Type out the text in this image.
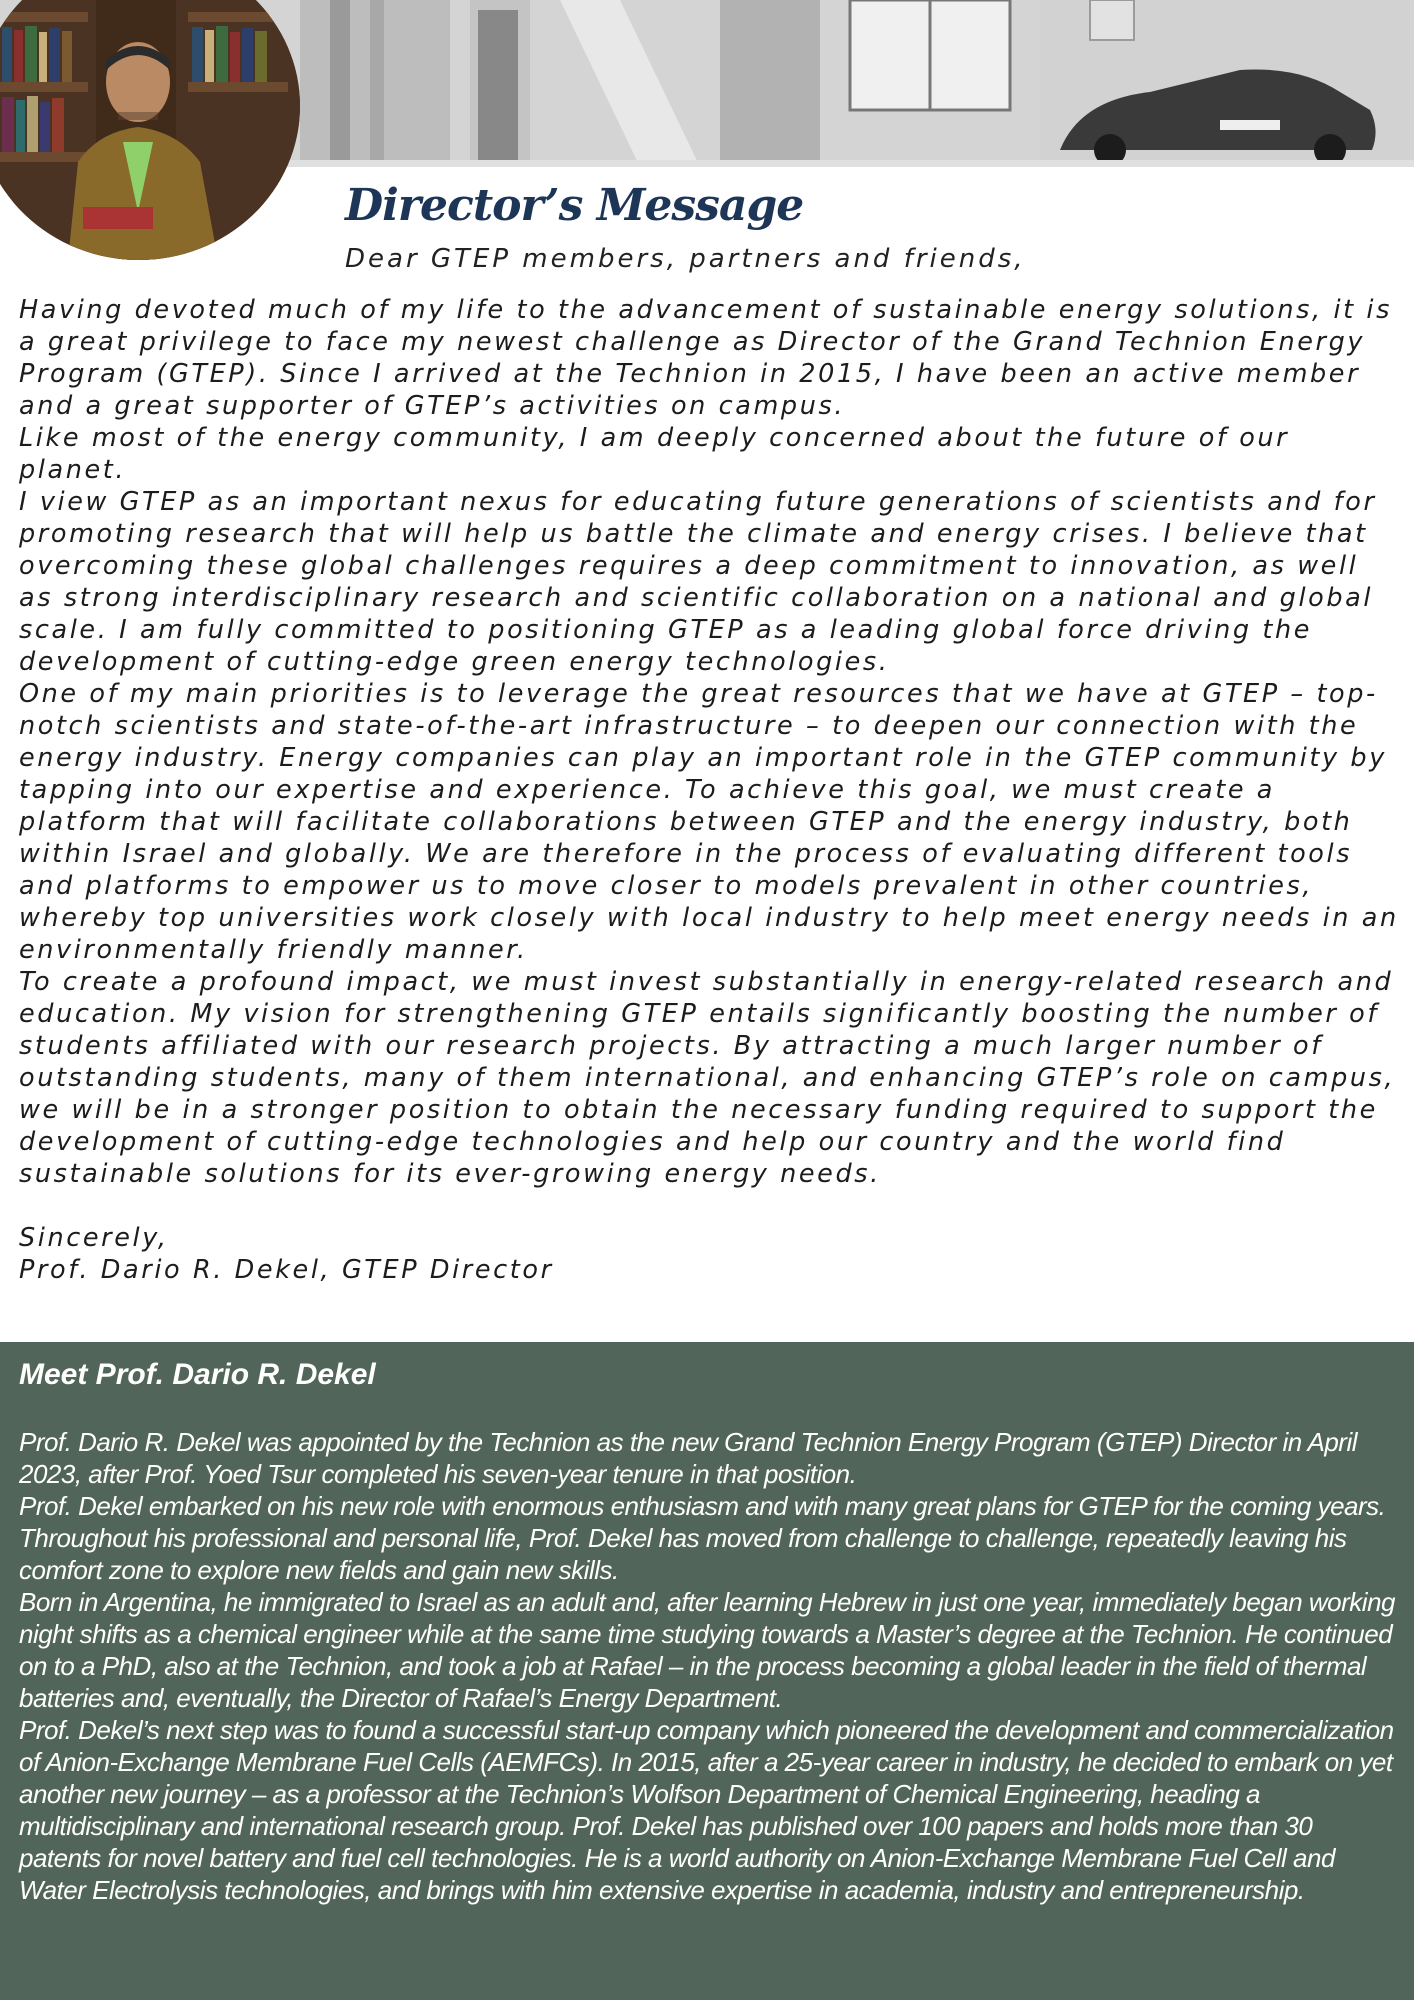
Director’s Message

Dear GTEP members, partners and friends,

Having devoted much of my life to the advancement of sustainable energy solutions, it is a great privilege to face my newest challenge as Director of the Grand Technion Energy Program (GTEP). Since I arrived at the Technion in 2015, I have been an active member and a great supporter of GTEP’s activities on campus.

Like most of the energy community, I am deeply concerned about the future of our planet.

I view GTEP as an important nexus for educating future generations of scientists and for promoting research that will help us battle the climate and energy crises. I believe that overcoming these global challenges requires a deep commitment to innovation, as well as strong interdisciplinary research and scientific collaboration on a national and global scale. I am fully committed to positioning GTEP as a leading global force driving the development of cutting-edge green energy technologies.

One of my main priorities is to leverage the great resources that we have at GTEP – top-notch scientists and state-of-the-art infrastructure – to deepen our connection with the energy industry. Energy companies can play an important role in the GTEP community by tapping into our expertise and experience. To achieve this goal, we must create a platform that will facilitate collaborations between GTEP and the energy industry, both within Israel and globally. We are therefore in the process of evaluating different tools and platforms to empower us to move closer to models prevalent in other countries, whereby top universities work closely with local industry to help meet energy needs in an environmentally friendly manner.

To create a profound impact, we must invest substantially in energy-related research and education. My vision for strengthening GTEP entails significantly boosting the number of students affiliated with our research projects. By attracting a much larger number of outstanding students, many of them international, and enhancing GTEP’s role on campus, we will be in a stronger position to obtain the necessary funding required to support the development of cutting-edge technologies and help our country and the world find sustainable solutions for its ever-growing energy needs.

Sincerely,

Prof. Dario R. Dekel, GTEP Director

Meet Prof. Dario R. Dekel

Prof. Dario R. Dekel was appointed by the Technion as the new Grand Technion Energy Program (GTEP) Director in April 2023, after Prof. Yoed Tsur completed his seven-year tenure in that position.

Prof. Dekel embarked on his new role with enormous enthusiasm and with many great plans for GTEP for the coming years. Throughout his professional and personal life, Prof. Dekel has moved from challenge to challenge, repeatedly leaving his comfort zone to explore new fields and gain new skills.

Born in Argentina, he immigrated to Israel as an adult and, after learning Hebrew in just one year, immediately began working night shifts as a chemical engineer while at the same time studying towards a Master’s degree at the Technion. He continued on to a PhD, also at the Technion, and took a job at Rafael – in the process becoming a global leader in the field of thermal batteries and, eventually, the Director of Rafael’s Energy Department.

Prof. Dekel’s next step was to found a successful start-up company which pioneered the development and commercialization of Anion-Exchange Membrane Fuel Cells (AEMFCs). In 2015, after a 25-year career in industry, he decided to embark on yet another new journey – as a professor at the Technion’s Wolfson Department of Chemical Engineering, heading a multidisciplinary and international research group. Prof. Dekel has published over 100 papers and holds more than 30 patents for novel battery and fuel cell technologies. He is a world authority on Anion-Exchange Membrane Fuel Cell and Water Electrolysis technologies, and brings with him extensive expertise in academia, industry and entrepreneurship.
